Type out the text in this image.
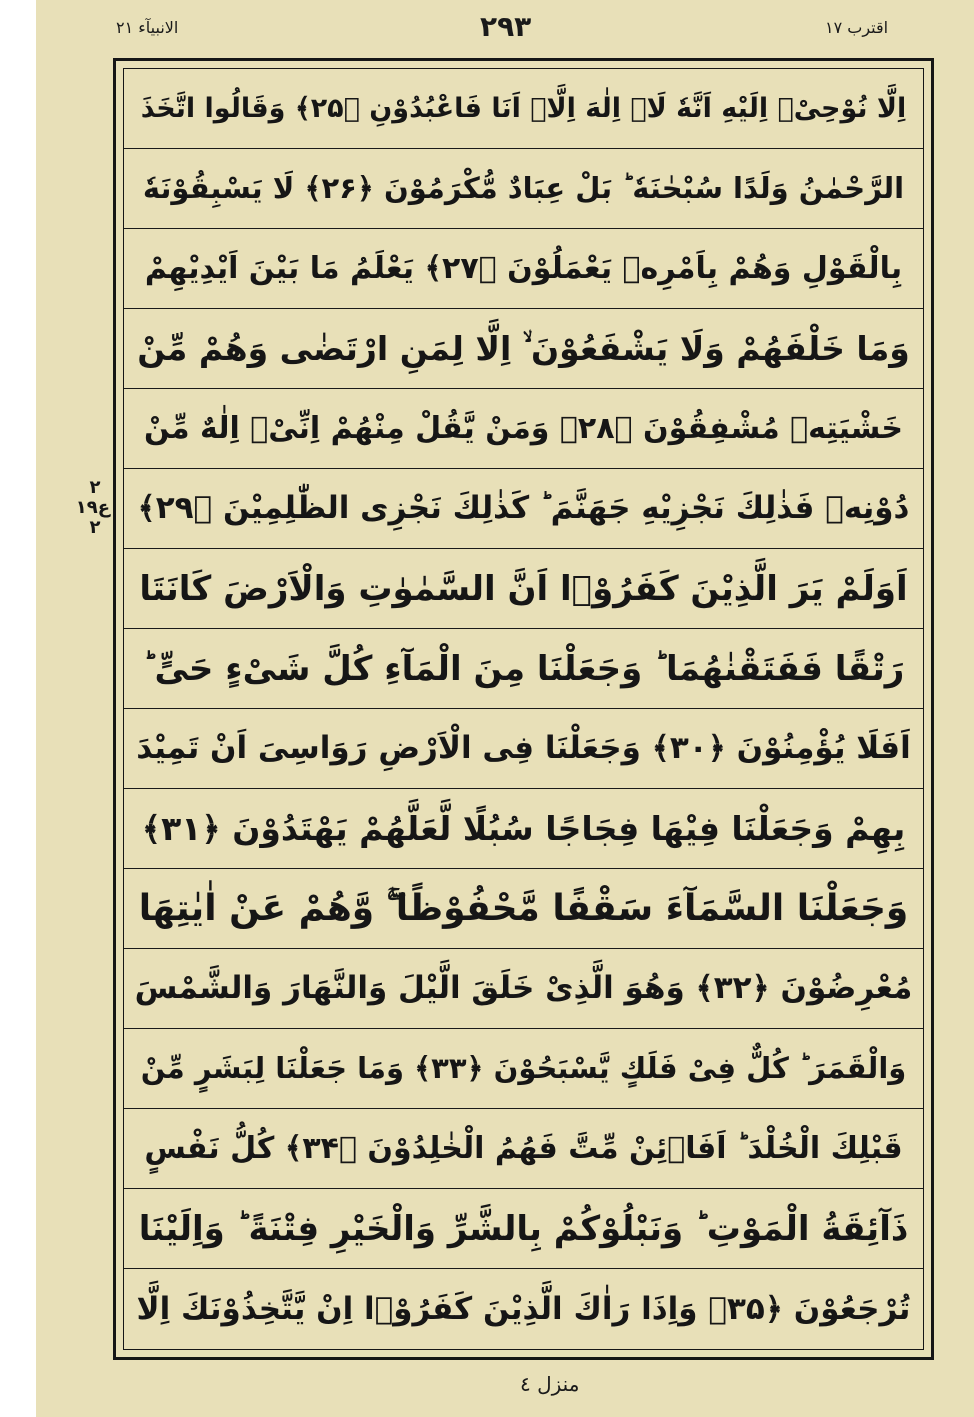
الانبیآء ۲۱	۲۹۳	اقترب ۱۷
۲
ع۱۹
۲
اِلَّا نُوْحِیْۤ اِلَیْهِ اَنَّهٗ لَاۤ اِلٰهَ اِلَّاۤ اَنَا فَاعْبُدُوْنِ ﴿۲۵﴾ وَقَالُوا اتَّخَذَ
الرَّحْمٰنُ وَلَدًا سُبْحٰنَهٗ ؕ بَلْ عِبَادٌ مُّكْرَمُوْنَ ﴿۲۶﴾ لَا يَسْبِقُوْنَهٗ
بِالْقَوْلِ وَهُمْ بِاَمْرِهٖ يَعْمَلُوْنَ ﴿۲۷﴾ يَعْلَمُ مَا بَيْنَ اَيْدِيْهِمْ
وَمَا خَلْفَهُمْ وَلَا يَشْفَعُوْنَ ۙ اِلَّا لِمَنِ ارْتَضٰى وَهُمْ مِّنْ
خَشْيَتِهٖ مُشْفِقُوْنَ ﴿۲۸﴾ وَمَنْ يَّقُلْ مِنْهُمْ اِنِّیْۤ اِلٰهٌ مِّنْ
دُوْنِهٖ فَذٰلِكَ نَجْزِيْهِ جَهَنَّمَ ؕ كَذٰلِكَ نَجْزِى الظّٰلِمِيْنَ ﴿۲۹﴾
اَوَلَمْ يَرَ الَّذِيْنَ كَفَرُوْۤا اَنَّ السَّمٰوٰتِ وَالْاَرْضَ كَانَتَا
رَتْقًا فَفَتَقْنٰهُمَا ؕ وَجَعَلْنَا مِنَ الْمَآءِ كُلَّ شَىْءٍ حَىٍّ ؕ
اَفَلَا يُؤْمِنُوْنَ ﴿۳۰﴾ وَجَعَلْنَا فِى الْاَرْضِ رَوَاسِىَ اَنْ تَمِيْدَ
بِهِمْ وَجَعَلْنَا فِيْهَا فِجَاجًا سُبُلًا لَّعَلَّهُمْ يَهْتَدُوْنَ ﴿۳۱﴾
وَجَعَلْنَا السَّمَآءَ سَقْفًا مَّحْفُوْظًا ۖۚ وَّهُمْ عَنْ اٰيٰتِهَا
مُعْرِضُوْنَ ﴿۳۲﴾ وَهُوَ الَّذِىْ خَلَقَ الَّيْلَ وَالنَّهَارَ وَالشَّمْسَ
وَالْقَمَرَ ؕ كُلٌّ فِىْ فَلَكٍ يَّسْبَحُوْنَ ﴿۳۳﴾ وَمَا جَعَلْنَا لِبَشَرٍ مِّنْ
قَبْلِكَ الْخُلْدَ ؕ اَفَا۟ئِنْ مِّتَّ فَهُمُ الْخٰلِدُوْنَ ﴿۳۴﴾ كُلُّ نَفْسٍ
ذَآئِقَةُ الْمَوْتِ ؕ وَنَبْلُوْكُمْ بِالشَّرِّ وَالْخَيْرِ فِتْنَةً ؕ وَاِلَيْنَا
تُرْجَعُوْنَ ﴿۳۵﴾ وَاِذَا رَاٰكَ الَّذِيْنَ كَفَرُوْۤا اِنْ يَّتَّخِذُوْنَكَ اِلَّا
منزل ٤
